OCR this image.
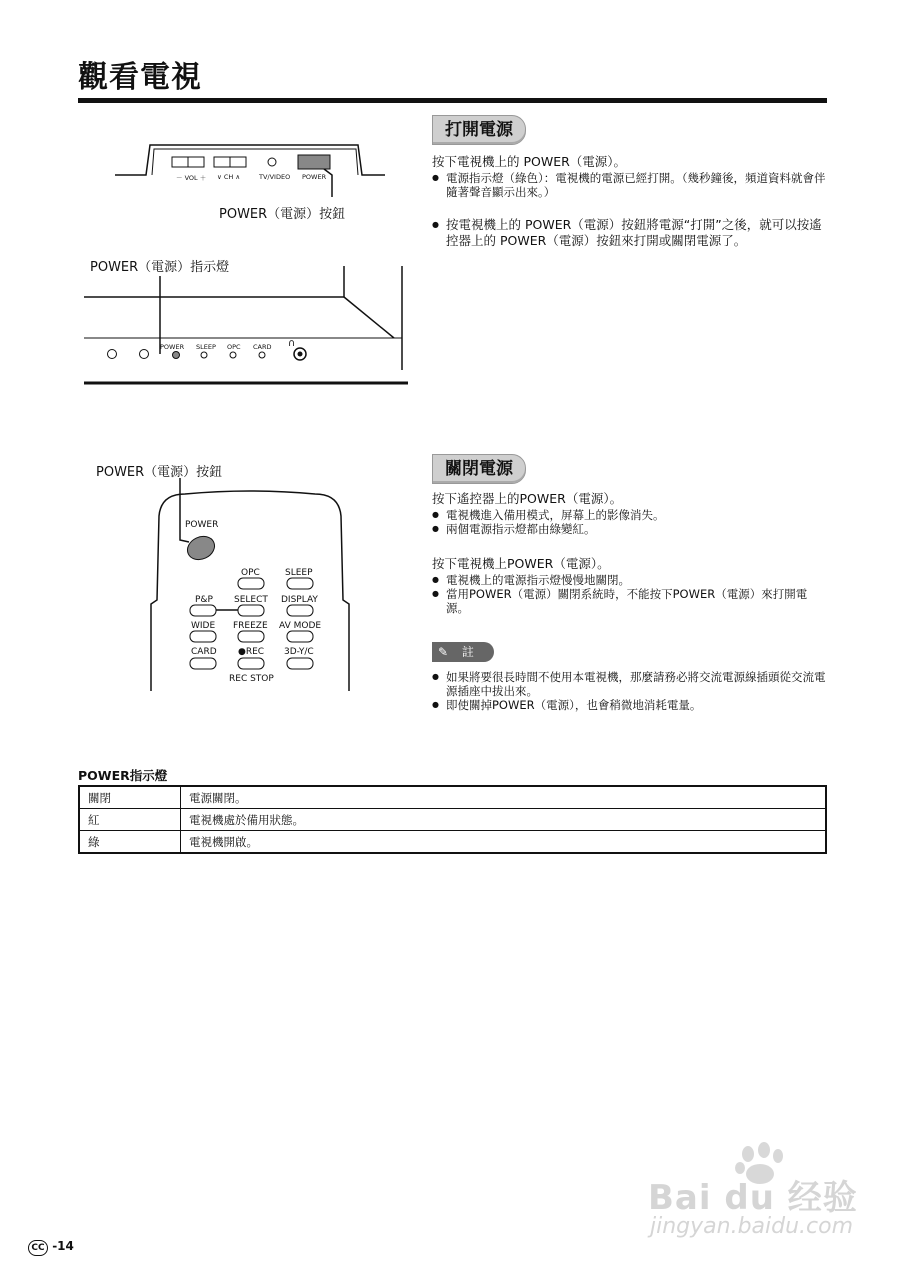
觀看電視
－ VOL ＋ ∨ CH ∧	TV/VIDEO POWER
POWER（電源）按鈕
POWER（電源）指示燈
POWER SLEEP OPC CARD ∩
POWER（電源）按鈕
POWER
OPC	SLEEP
P&P SELECT DISPLAY
WIDE FREEZE AV MODE
CARD ●REC 3D-Y/C
REC STOP
打開電源
按下電視機上的 POWER（電源）。
● 電源指示燈（綠色）：電視機的電源已經打開。（幾秒鐘後，頻道資料就會伴隨著聲音顯示出來。）
● 按電視機上的 POWER（電源）按鈕將電源“打開”之後，就可以按遙控器上的 POWER（電源）按鈕來打開或關閉電源了。
關閉電源
按下遙控器上的POWER（電源）。
● 電視機進入備用模式，屏幕上的影像消失。
● 兩個電源指示燈都由綠變紅。
按下電視機上POWER（電源）。
● 電視機上的電源指示燈慢慢地關閉。
● 當用POWER（電源）關閉系統時，不能按下POWER（電源）來打開電源。
✎ 註
● 如果將要很長時間不使用本電視機，那麼請務必將交流電源線插頭從交流電源插座中拔出來。
● 即使關掉POWER（電源），也會稍微地消耗電量。
POWER指示燈
關閉	電源關閉。
紅	電視機處於備用狀態。
綠	電視機開啟。
Bai du 经验
jingyan.baidu.com
CC -14
